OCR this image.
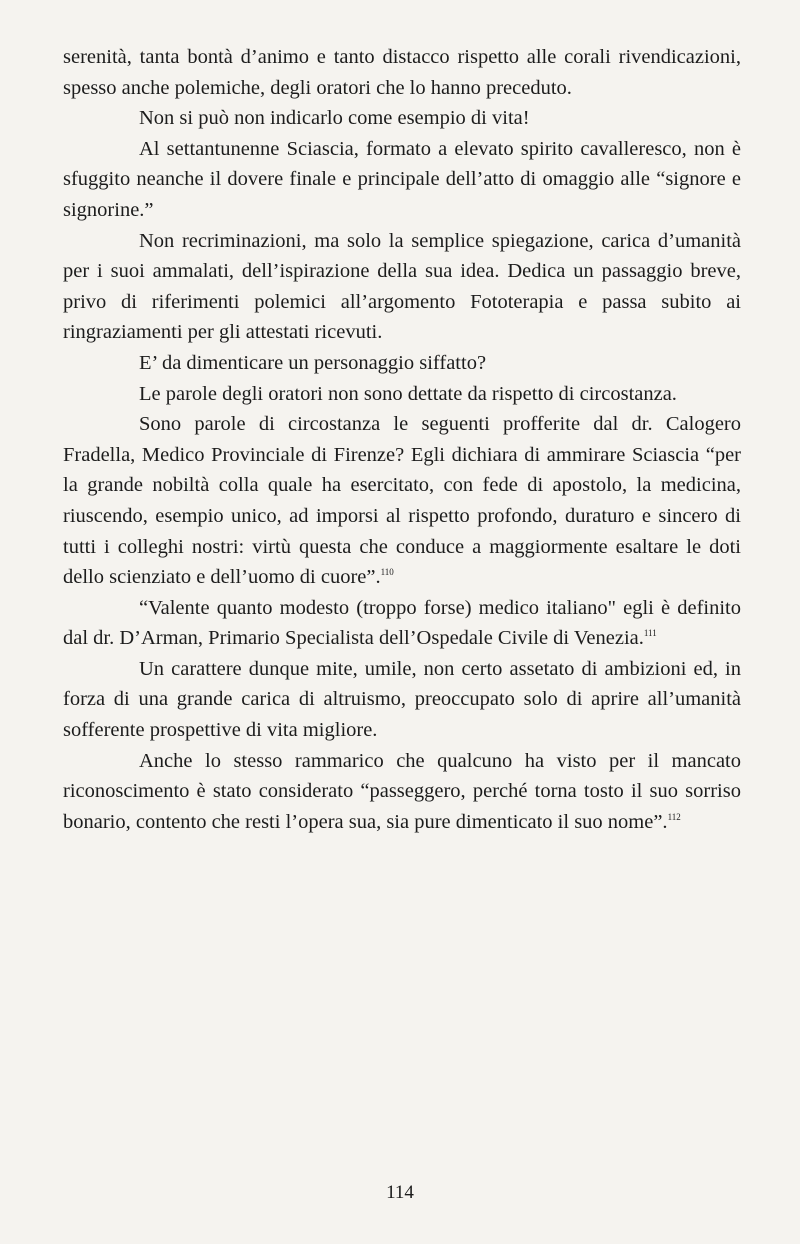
serenità, tanta bontà d’animo e tanto distacco rispetto alle corali rivendicazioni, spesso anche polemiche, degli oratori che lo hanno preceduto.

Non si può non indicarlo come esempio di vita!

Al settantunenne Sciascia, formato a elevato spirito cavalleresco, non è sfuggito neanche il dovere finale e principale dell’atto di omaggio alle “signore e signorine.”

Non recriminazioni, ma solo la semplice spiegazione, carica d’umanità per i suoi ammalati, dell’ispirazione della sua idea. Dedica un passaggio breve, privo di riferimenti polemici all’argomento Fototerapia e passa subito ai ringraziamenti per gli attestati ricevuti.

E’ da dimenticare un personaggio siffatto?

Le parole degli oratori non sono dettate da rispetto di circostanza.

Sono parole di circostanza le seguenti profferite dal dr. Calogero Fradella, Medico Provinciale di Firenze? Egli dichiara di ammirare Sciascia “per la grande nobiltà colla quale ha esercitato, con fede di apostolo, la medicina, riuscendo, esempio unico, ad imporsi al rispetto profondo, duraturo e sincero di tutti i colleghi nostri: virtù questa che conduce a maggiormente esaltare le doti dello scienziato e dell’uomo di cuore”.$^{110}$

“Valente quanto modesto (troppo forse) medico italiano" egli è definito dal dr. D’Arman, Primario Specialista dell’Ospedale Civile di Venezia.$^{111}$

Un carattere dunque mite, umile, non certo assetato di ambizioni ed, in forza di una grande carica di altruismo, preoccupato solo di aprire all’umanità sofferente prospettive di vita migliore.

Anche lo stesso rammarico che qualcuno ha visto per il mancato riconoscimento è stato considerato “passeggero, perché torna tosto il suo sorriso bonario, contento che resti l’opera sua, sia pure dimenticato il suo nome”.$^{112}$

114
